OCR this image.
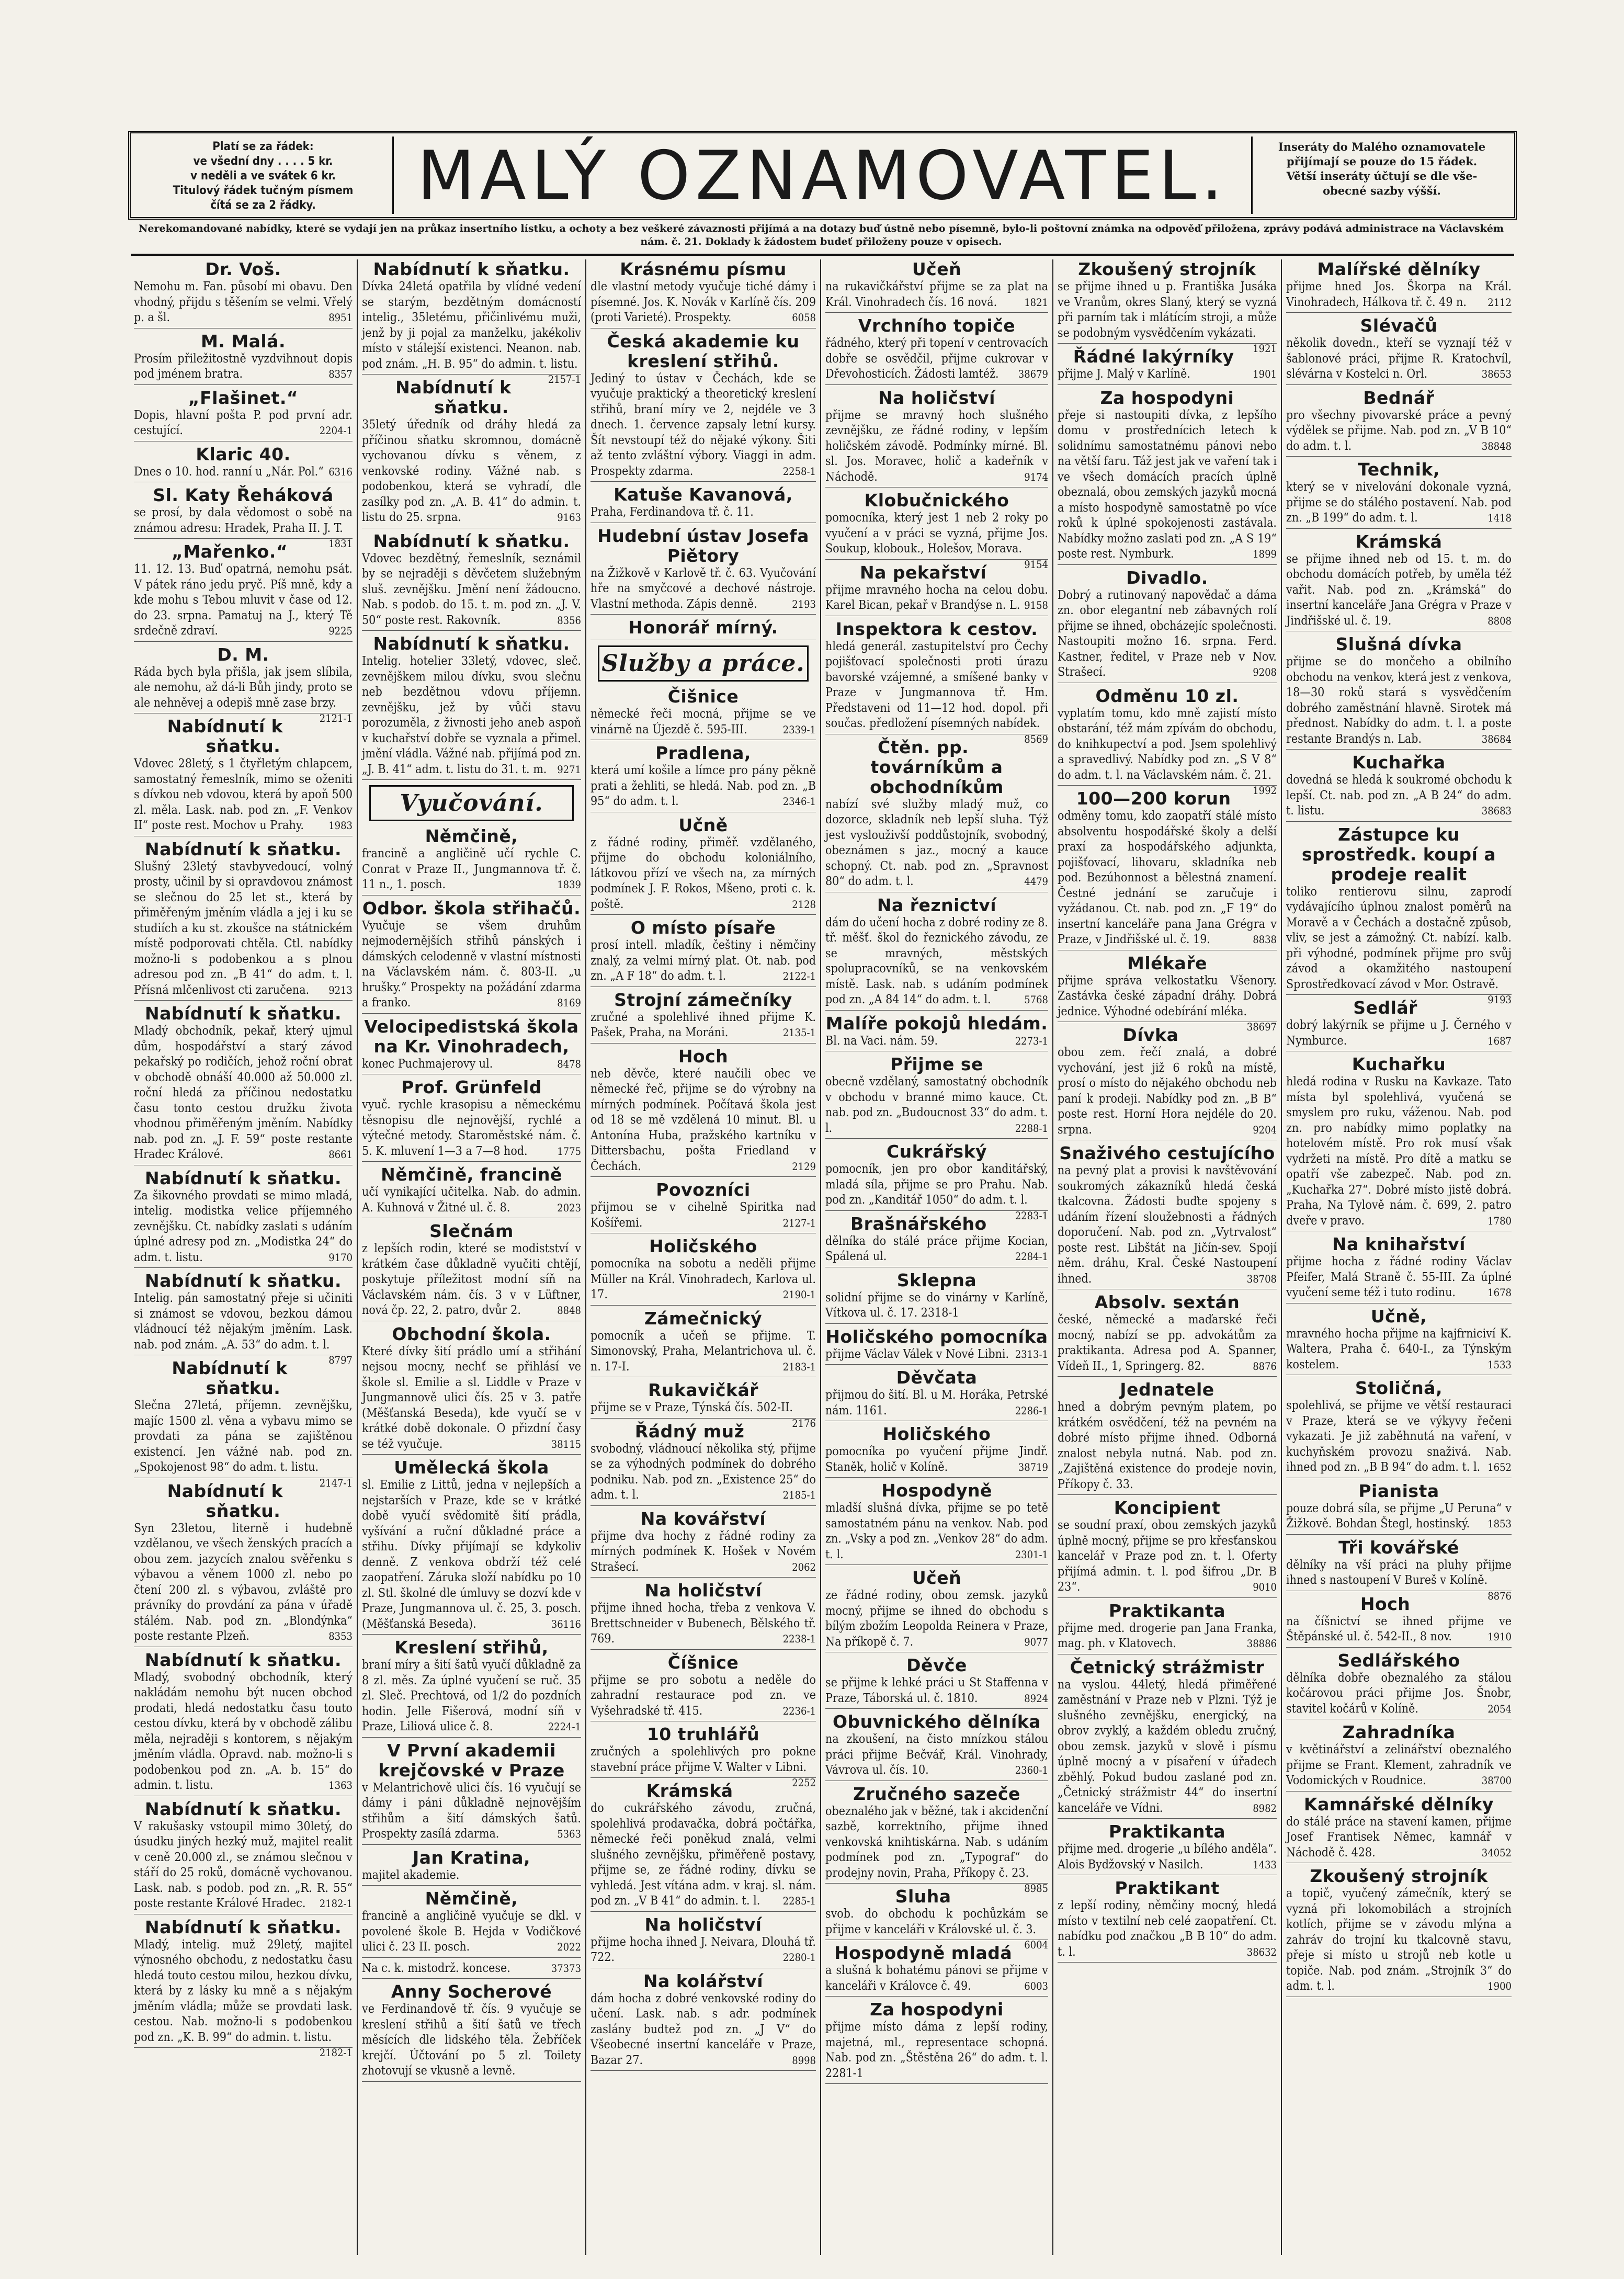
Platí se za řádek:
ve všední dny . . . . 5 kr.
v neděli a ve svátek 6 kr.
Titulový řádek tučným písmem
čítá se za 2 řádky.	MALÝ OZNAMOVATEL.	Inseráty do Malého oznamovatele
přijímají se pouze do 15 řádek.
Větší inseráty účtují se dle vše-
obecné sazby výšší.
Nerekomandované nabídky, které se vydají jen na průkaz insertního lístku, a ochoty a bez veškeré závaznosti přijímá a na dotazy buď ústně nebo písemně, bylo-li poštovní známka na odpověď přiložena, zprávy podává administrace na Václavském nám. č. 21. Doklady k žádostem budeť přiloženy pouze v opisech.
Dr. Voš.

Nemohu m. Fan. působí mi obavu. Den vhodný, přijdu s těšením se velmi. Vřelý p. a šl.	8951

M. Malá.

Prosím přiležitostně vyzdvihnout dopis pod jménem bratra.	8357

„Flašinet.“

Dopis, hlavní pošta P. pod první adr. cestující.	2204-1

Klaric 40.

Dnes o 10. hod. ranní u „Nár. Pol.“ 6316

Sl. Katy Řeháková

se prosí, by dala vědomost o sobě na známou adresu: Hradek, Praha II. J. T.
1831

„Mařenko.“

11. 12. 13. Buď opatrná, nemohu psát. V pátek ráno jedu pryč. Píš mně, kdy a kde mohu s Tebou mluvit v čase od 12. do 23. srpna. Pamatuj na J., který Tě srdečně zdraví.	9225

D. M.

Ráda bych byla přišla, jak jsem slíbila, ale nemohu, až dá-li Bůh jindy, proto se ale nehněvej a odepiš mně zase brzy.
2121-1

Nabídnutí k sňatku.

Vdovec 28letý, s 1 čtyřletým chlapcem, samostatný řemeslník, mimo se oženiti s dívkou neb vdovou, která by apoň 500 zl. měla. Lask. nab. pod zn. „F. Venkov II“ poste rest. Mochov u Prahy.	1983

Nabídnutí k sňatku.

Slušný 23letý stavbyvedoucí, volný prosty, učinil by si opravdovou známost se slečnou do 25 let st., která by přiměřeným jměním vládla a jej i ku se studiích a ku st. zkoušce na státnickém místě podporovati chtěla. Ctl. nabídky možno-li s podobenkou a s plnou adresou pod zn. „B 41“ do adm. t. l. Přísná mlčenlivost cti zaručena.	9213

Nabídnutí k sňatku.

Mladý obchodník, pekař, který ujmul dům, hospodářství a starý závod pekařský po rodičích, jehož roční obrat v obchodě obnáší 40.000 až 50.000 zl. roční hledá za příčinou nedostatku času tonto cestou družku života vhodnou přiměřeným jměním. Nabídky nab. pod zn. „J. F. 59“ poste restante Hradec Králové.	8661

Nabídnutí k sňatku.

Za šikovného provdati se mimo mladá, intelig. modistka velice příjemného zevnějšku. Ct. nabídky zaslati s udáním úplné adresy pod zn. „Modistka 24“ do adm. t. listu.	9170

Nabídnutí k sňatku.

Intelig. pán samostatný přeje si učiniti si známost se vdovou, bezkou dámou vládnoucí též nějakým jměním. Lask. nab. pod znám. „A. 53“ do adm. t. l.
8797

Nabídnutí k sňatku.

Slečna 27letá, příjemn. zevnějšku, majíc 1500 zl. věna a vybavu mimo se provdati za pána se zajištěnou existencí. Jen vážné nab. pod zn. „Spokojenost 98“ do adm. t. listu.
2147-1

Nabídnutí k sňatku.

Syn 23letou, literně i hudebně vzdělanou, ve všech ženských pracích a obou zem. jazycích znalou svěřenku s výbavou a věnem 1000 zl. nebo po čtení 200 zl. s výbavou, zvláště pro právníky do provdání za pána v úřadě stálém. Nab. pod zn. „Blondýnka“ poste restante Plzeň.	8353

Nabídnutí k sňatku.

Mladý, svobodný obchodník, který nakládám nemohu být nucen obchod prodati, hledá nedostatku času touto cestou dívku, která by v obchodě zálibu měla, nejraději s kontorem, s nějakým jměním vládla. Opravd. nab. možno-li s podobenkou pod zn. „A. b. 15“ do admin. t. listu.	1363

Nabídnutí k sňatku.

V rakušasky vstoupil mimo 30letý, do úsudku jiných hezký muž, majitel realit v ceně 20.000 zl., se známou slečnou v stáří do 25 roků, domácně vychovanou. Lask. nab. s podob. pod zn. „R. R. 55“ poste restante Králové Hradec.	2182-1

Nabídnutí k sňatku.

Mladý, intelig. muž 29letý, majitel výnosného obchodu, z nedostatku času hledá touto cestou milou, hezkou dívku, která by z lásky ku mně a s nějakým jměním vládla; může se provdati lask. cestou. Nab. možno-li s podobenkou pod zn. „K. B. 99“ do admin. t. listu.
2182-1

Nabídnutí k sňatku.

Dívka 24letá opatřila by vlídné vedení se starým, bezdětným domácností intelig., 35letému, přičinlivému muži, jenž by ji pojal za manželku, jakékoliv místo v stálejší existenci. Neanon. nab. pod znám. „H. B. 95“ do admin. t. listu.
2157-1

Nabídnutí k sňatku.

35letý úředník od dráhy hledá za příčinou sňatku skromnou, domácně vychovanou dívku s věnem, z venkovské rodiny. Vážné nab. s podobenkou, která se vyhradí, dle zasílky pod zn. „A. B. 41“ do admin. t. listu do 25. srpna.	9163

Nabídnutí k sňatku.

Vdovec bezdětný, řemeslník, seznámil by se nejraději s děvčetem služebným sluš. zevnějšku. Jmění není žádoucno. Nab. s podob. do 15. t. m. pod zn. „J. V. 50“ poste rest. Rakovník.	8356

Nabídnutí k sňatku.

Intelig. hotelier 33letý, vdovec, sleč. zevnějškem milou dívku, svou slečnu neb bezdětnou vdovu příjemn. zevnějšku, jež by vůči stavu porozuměla, z živnosti jeho aneb aspoň v kuchařství dobře se vyznala a přimel. jmění vládla. Vážné nab. přijímá pod zn. „J. B. 41“ adm. t. listu do 31. t. m. 9271

Vyučování.
Němčině,

francině a angličině učí rychle C. Conrat v Praze II., Jungmannova tř. č. 11 n., 1. posch.	1839

Odbor. škola střihačů.

Vyučuje se všem druhům nejmodernějších střihů pánských i dámských celodenně v vlastní místnosti na Václavském nám. č. 803-II. „u hrušky.“ Prospekty na požádání zdarma a franko.	8169

Velocipedistská škola na Kr. Vinohradech,

konec Puchmajerovy ul.	8478

Prof. Grünfeld

vyuč. rychle krasopisu a německému těsnopisu dle nejnovější, rychlé a výtečné metody. Staroměstské nám. č. 5. K. mluvení 1—3 a 7—8 hod.	1775

Němčině, francině

učí vynikající učitelka. Nab. do admin. A. Kuhnová v Žitné ul. č. 8.	2023

Slečnám

z lepších rodin, které se modistství v krátkém čase důkladně vyučiti chtějí, poskytuje příležitost modní síň na Václavském nám. čís. 3 v v Lüftner, nová čp. 22, 2. patro, dvůr 2.	8848

Obchodní škola.

Které dívky šití prádlo umí a střihání nejsou mocny, nechť se přihlásí ve škole sl. Emilie a sl. Liddle v Praze v Jungmannově ulici čís. 25 v 3. patře (Měšťanská Beseda), kde vyučí se v krátké době dokonale. O přizdní časy se též vyučuje.	38115

Umělecká škola

sl. Emilie z Littů, jedna v nejlepších a nejstarších v Praze, kde se v krátké době vyučí svědomitě šití prádla, vyšívání a ruční důkladné práce a střihu. Dívky přijímají se kdykoliv denně. Z venkova obdrží též celé zaopatření. Záruka složí nabídku po 10 zl. Stl. školné dle úmluvy se dozví kde v Praze, Jungmannova ul. č. 25, 3. posch. (Měšťanská Beseda).	36116

Kreslení střihů,

braní míry a šití šatů vyučí důkladně za 8 zl. měs. Za úplné vyučení se ruč. 35 zl. Sleč. Prechtová, od 1/2 do pozdních hodin. Jelle Fišerová, modní síň v Praze, Liliová ulice č. 8.	2224-1

V První akademii krejčovské v Praze

v Melantrichově ulici čís. 16 vyučují se dámy i páni důkladně nejnovějším střihům a šití dámských šatů. Prospekty zasílá zdarma.	5363

Jan Kratina,

majitel akademie.

Němčině,

francině a angličině vyučuje se dkl. v povolené škole B. Hejda v Vodičkové ulici č. 23 II. posch.	2022

Na c. k. mistodrž. koncese.	37373

Anny Socherové

ve Ferdinandově tř. čís. 9 vyučuje se kreslení střihů a šití šatů ve třech měsících dle lidského těla. Žebříček krejčí. Účtování po 5 zl. Toilety zhotovují se vkusně a levně.

Krásnému písmu

dle vlastní metody vyučuje tiché dámy i písemné. Jos. K. Novák v Karlíně čís. 209 (proti Varieté). Prospekty.	6058

Česká akademie ku kreslení střihů.

Jediný to ústav v Čechách, kde se vyučuje praktický a theoretický kreslení střihů, braní míry ve 2, nejdéle ve 3 dnech. 1. července zapsaly letní kursy. Šít nevstoupí též do nějaké výkony. Šiti až tento zvláštní výbory. Viaggi in adm. Prospekty zdarma.	2258-1

Katuše Kavanová,

Praha, Ferdinandova tř. č. 11.

Hudební ústav Josefa Piětory

na Žižkově v Karlově tř. č. 63. Vyučování hře na smyčcové a dechové nástroje. Vlastní methoda. Zápis denně.	2193

Honorář mírný.
Služby a práce.
Čišnice

německé řeči mocná, přijme se ve vinárně na Újezdě č. 595-III.	2339-1

Pradlena,

která umí košile a límce pro pány pěkně prati a žehliti, se hledá. Nab. pod zn. „B 95“ do adm. t. l.	2346-1

Učně

z řádné rodiny, přiměř. vzdělaného, přijme do obchodu koloniálního, látkovou přízí ve všech na, za mírných podmínek J. F. Rokos, Mšeno, proti c. k. poště.	2128

O místo písaře

prosí intell. mladík, češtiny i němčiny znalý, za velmi mírný plat. Ot. nab. pod zn. „A F 18“ do adm. t. l.	2122-1

Strojní zámečníky

zručné a spolehlivé ihned přijme K. Pašek, Praha, na Moráni.	2135-1

Hoch

neb děvče, které naučili obec ve německé řeč, přijme se do výrobny na mírných podmínek. Počítavá škola jest od 18 se mě vzdělená 10 minut. Bl. u Antonína Huba, pražského kartníku v Dittersbachu, pošta Friedland v Čechách.	2129

Povozníci

přijmou se v cihelně Spiritka nad Košířemi.	2127-1

Holičského

pomocníka na sobotu a neděli přijme Müller na Král. Vinohradech, Karlova ul. 17.	2190-1

Zámečnický

pomocník a učeň se přijme. T. Simonovský, Praha, Melantrichova ul. č. n. 17-I.	2183-1

Rukavičkář

přijme se v Praze, Týnská čís. 502-II.
2176

Řádný muž

svobodný, vládnoucí několika stý, přijme se za výhodných podmínek do dobrého podniku. Nab. pod zn. „Existence 25“ do adm. t. l.	2185-1

Na kovářství

přijme dva hochy z řádné rodiny za mírných podmínek K. Hošek v Novém Strašecí.	2062

Na holičství

přijme ihned hocha, třeba z venkova V. Brettschneider v Bubenech, Bělského tř. 769.	2238-1

Číšnice

přijme se pro sobotu a neděle do zahradní restaurace pod zn. ve Vyšehradské tř. 415.	2236-1

10 truhlářů

zručných a spolehlivých pro pokne stavební práce přijme V. Walter v Libni.
2252

Krámská

do cukrářského závodu, zručná, spolehlivá prodavačka, dobrá počtářka, německé řeči poněkud znalá, velmi slušného zevnějšku, přiměřeně postavy, přijme se, ze řádné rodiny, dívku se vyhledá. Jest vítána adm. v kraj. sl. nám. pod zn. „V B 41“ do admin. t. l.	2285-1

Na holičství

přijme hocha ihned J. Neivara, Dlouhá tř. 722.	2280-1

Na kolářství

dám hocha z dobré venkovské rodiny do učení. Lask. nab. s adr. podmínek zaslány budtež pod zn. „J V“ do Všeobecné insertní kanceláře v Praze, Bazar 27.	8998

Učeň

na rukavičkářství přijme se za plat na Král. Vinohradech čís. 16 nová.	1821

Vrchního topiče

řádného, který při topení v centrovacích dobře se osvědčil, přijme cukrovar v Dřevohosticích. Žádosti lamtéž.	38679

Na holičství

přijme se mravný hoch slušného zevnějšku, ze řádné rodiny, v lepším holičském závodě. Podmínky mírné. Bl. sl. Jos. Moravec, holič a kadeřník v Náchodě.	9174

Klobučnického

pomocníka, který jest 1 neb 2 roky po vyučení a v práci se vyzná, přijme Jos. Soukup, klobouk., Holešov, Morava.
9154

Na pekařství

přijme mravného hocha na celou dobu. Karel Bican, pekař v Brandýse n. L. 9158

Inspektora k cestov.

hledá generál. zastupitelství pro Čechy pojišťovací společnosti proti úrazu bavorské vzájemné, a smíšené banky v Praze v Jungmannova tř. Hm. Představeni od 11—12 hod. dopol. při součas. předložení písemných nabídek.
8569

Čtěn. pp. továrníkům a obchodníkům

nabízí své služby mladý muž, co dozorce, skladník neb lepší sluha. Týž jest vyslouživší poddůstojník, svobodný, obeznámen s jaz., mocný a kauce schopný. Ct. nab. pod zn. „Spravnost 80“ do adm. t. l.	4479

Na řeznictví

dám do učení hocha z dobré rodiny ze 8. tř. měšť. škol do řeznického závodu, ze se mravných, městských spolupracovníků, se na venkovském místě. Lask. nab. s udáním podmínek pod zn. „A 84 14“ do adm. t. l.	5768

Malíře pokojů hledám.

Bl. na Vaci. nám. 59.	2273-1

Přijme se

obecně vzdělaný, samostatný obchodník v obchodu v branné mimo kauce. Ct. nab. pod zn. „Budoucnost 33“ do adm. t. l.	2288-1

Cukrářský

pomocník, jen pro obor kanditářský, mladá síla, přijme se pro Prahu. Nab. pod zn. „Kanditář 1050“ do adm. t. l.
2283-1

Brašnářského

dělníka do stálé práce přijme Kocian, Spálená ul.	2284-1

Sklepna

solidní přijme se do vinárny v Karlíně, Vítkova ul. č. 17. 2318-1

Holičského pomocníka

přijme Václav Válek v Nové Libni. 2313-1

Děvčata

přijmou do šití. Bl. u M. Horáka, Petrské nám. 1161.	2286-1

Holičského

pomocníka po vyučení přijme Jindř. Staněk, holič v Kolíně.	38719

Hospodyně

mladší slušná dívka, přijme se po tetě samostatném pánu na venkov. Nab. pod zn. „Vsky a pod zn. „Venkov 28“ do adm. t. l.	2301-1

Učeň

ze řádné rodiny, obou zemsk. jazyků mocný, přijme se ihned do obchodu s bílým zbožím Leopolda Reinera v Praze, Na příkopě č. 7.	9077

Děvče

se přijme k lehké práci u St Staffenna v Praze, Táborská ul. č. 1810.	8924

Obuvnického dělníka

na zkoušení, na čisto mnízkou stálou práci přijme Bečvář, Král. Vinohrady, Vávrova ul. čís. 10.	2360-1

Zručného sazeče

obeznalého jak v běžné, tak i akcidenční sazbě, korrektního, přijme ihned venkovská knihtiskárna. Nab. s udáním podmínek pod zn. „Typograf“ do prodejny novin, Praha, Příkopy č. 23.
8985

Sluha

svob. do obchodu k pochůzkám se přijme v kanceláři v Královské ul. č. 3.
6004

Hospodyně mladá

a slušná k bohatému pánovi se přijme v kanceláři v Královce č. 49.	6003

Za hospodyni

přijme místo dáma z lepší rodiny, majetná, ml., representace schopná. Nab. pod zn. „Štěstěna 26“ do adm. t. l. 2281-1

Zkoušený strojník

se přijme ihned u p. Františka Jusáka ve Vranům, okres Slaný, který se vyzná při parním tak i mlátícím stroji, a může se podobným vysvědčením vykázati.
1921

Řádné lakýrníky

přijme J. Malý v Karlíně.	1901

Za hospodyni

přeje si nastoupiti dívka, z lepšího domu v prostřednícich letech k solidnímu samostatnému pánovi nebo na větší faru. Táž jest jak ve vaření tak i ve všech domácích pracích úplně obeznalá, obou zemských jazyků mocná a místo hospodyně samostatně po více roků k úplné spokojenosti zastávala. Nabídky možno zaslati pod zn. „A S 19“ poste rest. Nymburk.	1899

Divadlo.

Dobrý a rutinovaný napovědač a dáma zn. obor elegantní neb zábavných rolí přijme se ihned, obcházejíc společnosti. Nastoupiti možno 16. srpna. Ferd. Kastner, ředitel, v Praze neb v Nov. Strašecí.	9208

Odměnu 10 zl.

vyplatím tomu, kdo mně zajistí místo obstarání, též mám zpívám do obchodu, do knihkupectví a pod. Jsem spolehlivý a spravedlivý. Nabídky pod zn. „S V 8“ do adm. t. l. na Václavském nám. č. 21.
1992

100—200 korun

odměny tomu, kdo zaopatří stálé místo absolventu hospodářské školy a delší praxí za hospodářského adjunkta, pojišťovací, lihovaru, skladníka neb pod. Bezúhonnost a bělestná znamení. Čestné jednání se zaručuje i vyžádanou. Ct. nab. pod zn. „F 19“ do insertní kanceláře pana Jana Grégra v Praze, v Jindřišské ul. č. 19.	8838

Mlékaře

přijme správa velkostatku Všenory. Zastávka české západní dráhy. Dobrá jednice. Výhodné odebírání mléka.
38697

Dívka

obou zem. řečí znalá, a dobré vychování, jest již 6 roků na místě, prosí o místo do nějakého obchodu neb paní k prodeji. Nabídky pod zn. „B B“ poste rest. Horní Hora nejdéle do 20. srpna.	9204

Snaživého cestujícího

na pevný plat a provisi k navštěvování soukromých zákazníků hledá česká tkalcovna. Žádosti buďte spojeny s udáním řízení sloužebnosti a řádných doporučení. Nab. pod zn. „Vytrvalost“ poste rest. Libštát na Jičín-sev. Spojí něm. dráhu, Kral. České Nastoupení ihned.	38708

Absolv. sextán

české, německé a maďarské řeči mocný, nabízí se pp. advokátům za praktikanta. Adresa pod A. Spanner, Vídeň II., 1, Springerg. 82.	8876

Jednatele

hned a dobrým pevným platem, po krátkém osvědčení, též na pevném na dobré místo přijme ihned. Odborná znalost nebyla nutná. Nab. pod zn. „Zajištěná existence do prodeje novin, Příkopy č. 33.

Koncipient

se soudní praxí, obou zemských jazyků úplně mocný, přijme se pro křesťanskou kancelář v Praze pod zn. t. l. Oferty přijímá admin. t. l. pod šifrou „Dr. B 23“.	9010

Praktikanta

přijme med. drogerie pan Jana Franka, mag. ph. v Klatovech.	38886

Četnický strážmistr

na vyslou. 44letý, hledá přiměřené zaměstnání v Praze neb v Plzni. Týž je slušného zevnějšku, energický, na obrov zvyklý, a každém obledu zručný, obou zemsk. jazyků v slově i písmu úplně mocný a v písaření v úřadech zběhlý. Pokud budou zaslané pod zn. „Četnický strážmistr 44“ do insertní kanceláře ve Vídni.	8982

Praktikanta

přijme med. drogerie „u bílého anděla“. Alois Bydžovský v Nasilch.	1433

Praktikant

z lepší rodiny, němčiny mocný, hledá místo v textilní neb celé zaopatření. Ct. nabídku pod značkou „B B 10“ do adm. t. l.	38632

Malířské dělníky

přijme hned Jos. Škorpa na Král. Vinohradech, Hálkova tř. č. 49 n.	2112

Slévačů

několik dovedn., kteří se vyznají též v šablonové práci, přijme R. Kratochvíl, slévárna v Kostelci n. Orl.	38653

Bednář

pro všechny pivovarské práce a pevný výdělek se přijme. Nab. pod zn. „V B 10“ do adm. t. l.	38848

Technik,

který se v nivelování dokonale vyzná, přijme se do stálého postavení. Nab. pod zn. „B 199“ do adm. t. l.	1418

Krámská

se přijme ihned neb od 15. t. m. do obchodu domácích potřeb, by uměla též vařit. Nab. pod zn. „Krámská“ do insertní kanceláře Jana Grégra v Praze v Jindřišské ul. č. 19.	8808

Slušná dívka

přijme se do mončeho a obilního obchodu na venkov, která jest z venkova, 18—30 roků stará s vysvědčením dobrého zaměstnání hlavně. Sirotek má přednost. Nabídky do adm. t. l. a poste restante Brandýs n. Lab.	38684

Kuchařka

dovedná se hledá k soukromé obchodu k lepší. Ct. nab. pod zn. „A B 24“ do adm. t. listu.	38683

Zástupce ku sprostředk. koupí a prodeje realit

toliko rentierovu silnu, zaprodí vydávajícího úplnou znalost poměrů na Moravě a v Čechách a dostačně způsob, vliv, se jest a zámožný. Ct. nabízí. kalb. při výhodné, podmínek přijme pro svůj závod a okamžitého nastoupení Sprostředkovací závod v Mor. Ostravě.
9193

Sedlář

dobrý lakýrník se přijme u J. Černého v Nymburce.	1687

Kuchařku

hledá rodina v Rusku na Kavkaze. Tato místa byl spolehlivá, vyučená se smyslem pro ruku, váženou. Nab. pod zn. pro nabídky mimo poplatky na hotelovém místě. Pro rok musí však vydržeti na místě. Pro dítě a matku se opatří vše zabezpeč. Nab. pod zn. „Kuchařka 27“. Dobré místo jistě dobrá. Praha, Na Tylově nám. č. 699, 2. patro dveře v pravo.	1780

Na knihařství

přijme hocha z řádné rodiny Václav Pfeifer, Malá Straně č. 55-III. Za úplné vyučení seme též i tuto rodinu.	1678

Učně,

mravného hocha přijme na kajfrniciví K. Waltera, Praha č. 640-I., za Týnským kostelem.	1533

Stoličná,

spolehlivá, se přijme ve větší restauraci v Praze, která se ve výkyvy řečeni vykazati. Je již zaběhnutá na vaření, v kuchyňském provozu snaživá. Nab. ihned pod zn. „B B 94“ do adm. t. l. 1652

Pianista

pouze dobrá síla, se přijme „U Peruna“ v Žižkově. Bohdan Štegl, hostinský.	1853

Tři kovářské

dělníky na vší práci na pluhy přijme ihned s nastoupení V Bureš v Kolíně.
8876

Hoch

na číšnictví se ihned přijme ve Štěpánské ul. č. 542-II., 8 nov.	1910

Sedlářského

dělníka dobře obeznalého za stálou kočárovou práci přijme Jos. Šnobr, stavitel kočárů v Kolíně.	2054

Zahradníka

v květinářství a zelinářství obeznalého přijme se Frant. Klement, zahradník ve Vodomických v Roudnice.	38700

Kamnářské dělníky

do stálé práce na stavení kamen, přijme Josef Frantisek Němec, kamnář v Náchodě č. 428.	34052

Zkoušený strojník

a topič, vyučený zámečník, který se vyzná při lokomobilách a strojních kotlích, přijme se v závodu mlýna a zahráv do trojní ku tkalcovně stavu, přeje si místo u strojů neb kotle u topiče. Nab. pod znám. „Strojník 3“ do adm. t. l.	1900
